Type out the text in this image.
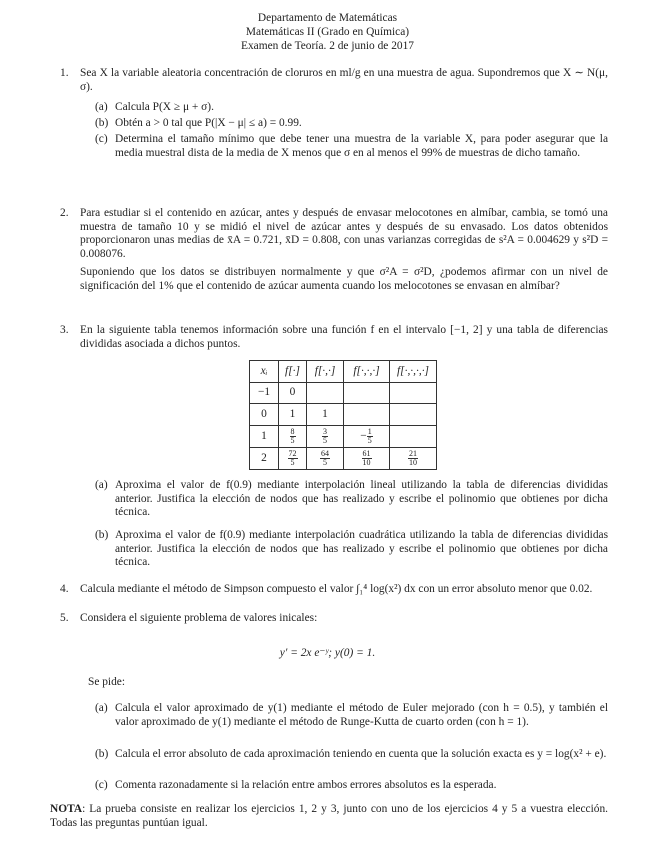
Departamento de Matemáticas
Matemáticas II (Grado en Química)
Examen de Teoría. 2 de junio de 2017
1. Sea X la variable aleatoria concentración de cloruros en ml/g en una muestra de agua. Supondremos que X ∼ N(μ, σ).
(a) Calcula P(X ≥ μ + σ).
(b) Obtén a > 0 tal que P(|X − μ| ≤ a) = 0.99.
(c) Determina el tamaño mínimo que debe tener una muestra de la variable X, para poder asegurar que la media muestral dista de la media de X menos que σ en al menos el 99% de muestras de dicho tamaño.
2. Para estudiar si el contenido en azúcar, antes y después de envasar melocotones en almíbar, cambia, se tomó una muestra de tamaño 10 y se midió el nivel de azúcar antes y después de su envasado. Los datos obtenidos proporcionaron unas medias de x̄A = 0.721, x̄D = 0.808, con unas varianzas corregidas de s²A = 0.004629 y s²D = 0.008076.
Suponiendo que los datos se distribuyen normalmente y que σ²A = σ²D, ¿podemos afirmar con un nivel de significación del 1% que el contenido de azúcar aumenta cuando los melocotones se envasan en almíbar?
3. En la siguiente tabla tenemos información sobre una función f en el intervalo [−1, 2] y una tabla de diferencias divididas asociada a dichos puntos.
xᵢ	f[·]	f[·,·]	f[·,·,·]	f[·,·,·,·]
−1	0			
0	1	1		
1	$\frac{8}{5}$	$\frac{3}{5}$	− $\frac{1}{5}$

2	$\frac{72}{5}$	$\frac{64}{5}$	$\frac{61}{10}$	$\frac{21}{10}$
(a) Aproxima el valor de f(0.9) mediante interpolación lineal utilizando la tabla de diferencias divididas anterior. Justifica la elección de nodos que has realizado y escribe el polinomio que obtienes por dicha técnica.
(b) Aproxima el valor de f(0.9) mediante interpolación cuadrática utilizando la tabla de diferencias divididas anterior. Justifica la elección de nodos que has realizado y escribe el polinomio que obtienes por dicha técnica.
4. Calcula mediante el método de Simpson compuesto el valor ∫₁⁴ log(x²) dx con un error absoluto menor que 0.02.
5. Considera el siguiente problema de valores inicales:
y′ = 2x e⁻ʸ; y(0) = 1.
Se pide:
(a) Calcula el valor aproximado de y(1) mediante el método de Euler mejorado (con h = 0.5), y también el valor aproximado de y(1) mediante el método de Runge-Kutta de cuarto orden (con h = 1).
(b) Calcula el error absoluto de cada aproximación teniendo en cuenta que la solución exacta es y = log(x² + e).
(c) Comenta razonadamente si la relación entre ambos errores absolutos es la esperada.
NOTA: La prueba consiste en realizar los ejercicios 1, 2 y 3, junto con uno de los ejercicios 4 y 5 a vuestra elección. Todas las preguntas puntúan igual.
